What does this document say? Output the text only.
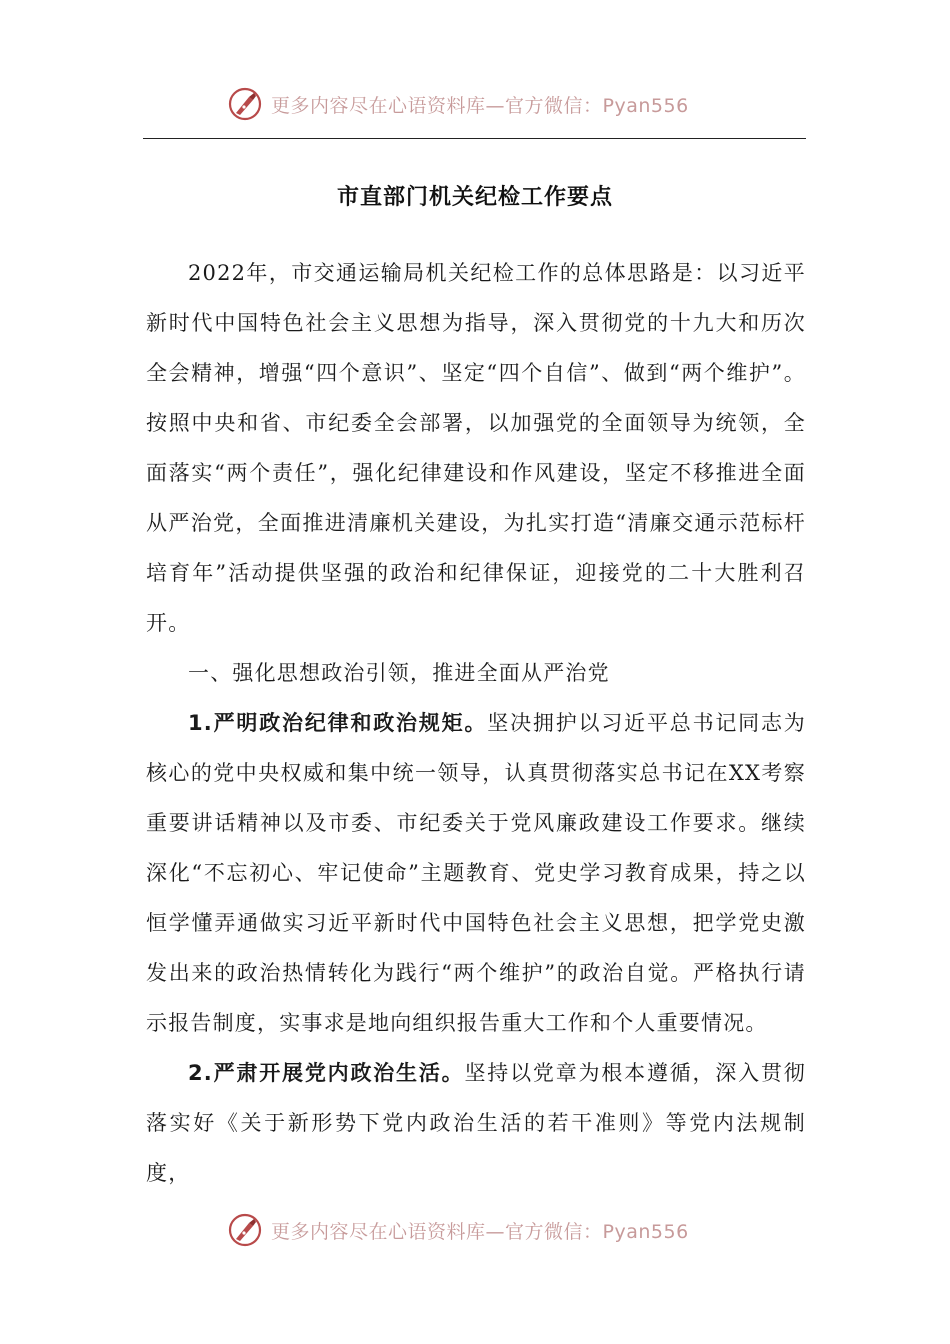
更多内容尽在心语资料库—官方微信：Pyan556
市直部门机关纪检工作要点

2022年，市交通运输局机关纪检工作的总体思路是：以习近平新时代中国特色社会主义思想为指导，深入贯彻党的十九大和历次全会精神，增强“四个意识”、坚定“四个自信”、做到“两个维护”。按照中央和省、市纪委全会部署，以加强党的全面领导为统领，全面落实“两个责任”，强化纪律建设和作风建设，坚定不移推进全面从严治党，全面推进清廉机关建设，为扎实打造“清廉交通示范标杆培育年”活动提供坚强的政治和纪律保证，迎接党的二十大胜利召开。

一、强化思想政治引领，推进全面从严治党

1.严明政治纪律和政治规矩。坚决拥护以习近平总书记同志为核心的党中央权威和集中统一领导，认真贯彻落实总书记在XX考察重要讲话精神以及市委、市纪委关于党风廉政建设工作要求。继续深化“不忘初心、牢记使命”主题教育、党史学习教育成果，持之以恒学懂弄通做实习近平新时代中国特色社会主义思想，把学党史激发出来的政治热情转化为践行“两个维护”的政治自觉。严格执行请示报告制度，实事求是地向组织报告重大工作和个人重要情况。

2.严肃开展党内政治生活。坚持以党章为根本遵循，深入贯彻落实好《关于新形势下党内政治生活的若干准则》等党内法规制度，

更多内容尽在心语资料库—官方微信：Pyan556
